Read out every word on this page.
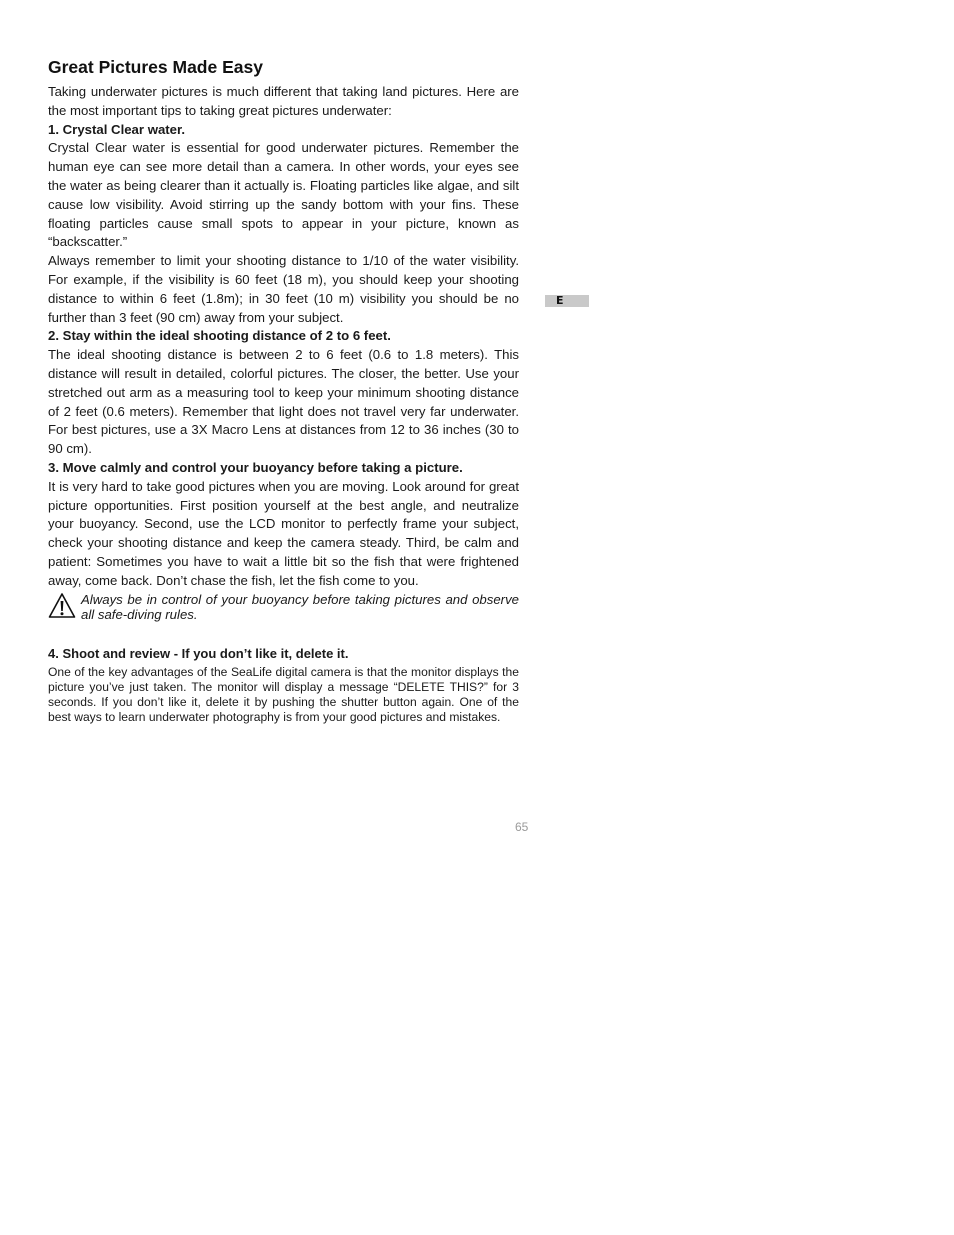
Great Pictures Made Easy

Taking underwater pictures is much different that taking land pictures. Here are the most important tips to taking great pictures underwater:

1. Crystal Clear water.

Crystal Clear water is essential for good underwater pictures. Remember the human eye can see more detail than a camera. In other words, your eyes see the water as being clearer than it actually is. Floating particles like algae, and silt cause low visibility. Avoid stirring up the sandy bottom with your fins. These floating particles cause small spots to appear in your picture, known as “backscatter.”

Always remember to limit your shooting distance to 1/10 of the water visibility. For example, if the visibility is 60 feet (18 m), you should keep your shooting distance to within 6 feet (1.8m); in 30 feet (10 m) visibility you should be no further than 3 feet (90 cm) away from your subject.

2. Stay within the ideal shooting distance of 2 to 6 feet.

The ideal shooting distance is between 2 to 6 feet (0.6 to 1.8 meters). This distance will result in detailed, colorful pictures. The closer, the better. Use your stretched out arm as a measuring tool to keep your minimum shooting distance of 2 feet (0.6 meters). Remember that light does not travel very far underwater. For best pictures, use a 3X Macro Lens at distances from 12 to 36 inches (30 to 90 cm).

3. Move calmly and control your buoyancy before taking a picture.

It is very hard to take good pictures when you are moving. Look around for great picture opportunities. First position yourself at the best angle, and neutralize your buoyancy. Second, use the LCD monitor to perfectly frame your subject, check your shooting distance and keep the camera steady. Third, be calm and patient: Sometimes you have to wait a little bit so the fish that were frightened away, come back. Don’t chase the fish, let the fish come to you.

Always be in control of your buoyancy before taking pictures and observe all safe-diving rules.

4. Shoot and review - If you don’t like it, delete it.

One of the key advantages of the SeaLife digital camera is that the monitor displays the picture you’ve just taken. The monitor will display a message “DELETE THIS?” for 3 seconds. If you don’t like it, delete it by pushing the shutter button again. One of the best ways to learn underwater photography is from your good pictures and mistakes.

E
65
